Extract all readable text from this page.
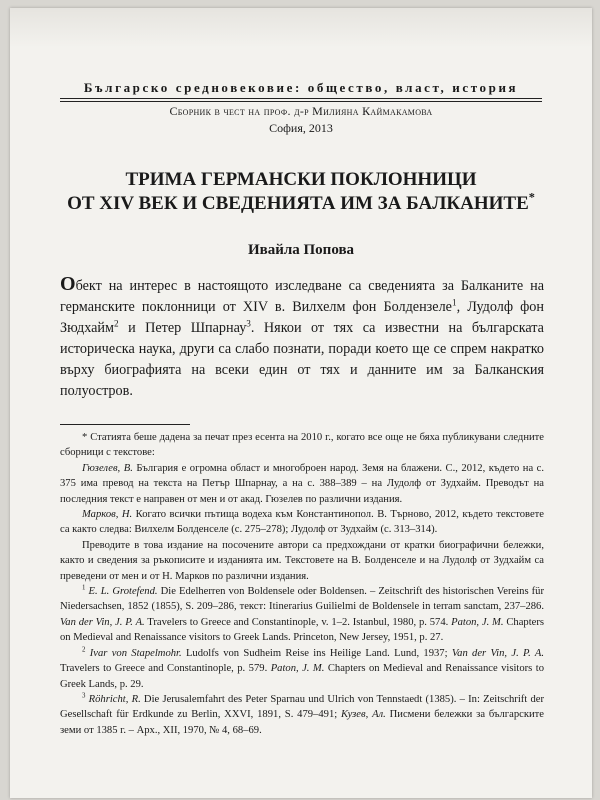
Българско средновековие: общество, власт, история
Сборник в чест на проф. д-р Милияна Каймакамова
София, 2013
ТРИМА ГЕРМАНСКИ ПОКЛОННИЦИ
ОТ XIV ВЕК И СВЕДЕНИЯТА ИМ ЗА БАЛКАНИТЕ*
Ивайла Попова
Обект на интерес в настоящото изследване са сведенията за Балканите на германските поклонници от XIV в. Вилхелм фон Болдензеле$^1$, Лудолф фон Зюдхайм$^2$ и Петер Шпарнау$^3$. Някои от тях са известни на българската историческа наука, други са слабо познати, поради което ще се спрем накратко върху биографията на всеки един от тях и данните им за Балканския полуостров.

* Статията беше дадена за печат през есента на 2010 г., когато все още не бяха публикувани следните сборници с текстове:

Гюзелев, В. България е огромна област и многоброен народ. Земя на блажени. С., 2012, където на с. 375 има превод на текста на Петър Шпарнау, а на с. 388–389 – на Лудолф от Зудхайм. Преводът на последния текст е направен от мен и от акад. Гюзелев по различни издания.

Марков, Н. Когато всички пътища водеха към Константинопол. В. Търново, 2012, където текстовете са както следва: Вилхелм Болденселе (с. 275–278); Лудолф от Зудхайм (с. 313–314).

Преводите в това издание на посочените автори са предхождани от кратки биографични бележки, както и сведения за ръкописите и изданията им. Текстовете на В. Болденселе и на Лудолф от Зудхайм са преведени от мен и от Н. Марков по различни издания.

$^1$ E. L. Grotefend. Die Edelherren von Boldensele oder Boldensen. – Zeitschrift des historischen Vereins für Niedersachsen, 1852 (1855), S. 209–286, текст: Itinerarius Guilielmi de Boldensele in terram sanctam, 237–286. Van der Vin, J. P. A. Travelers to Greece and Constantinople, v. 1–2. Istanbul, 1980, p. 574. Paton, J. M. Chapters on Medieval and Renaissance visitors to Greek Lands. Princeton, New Jersey, 1951, p. 27.

$^2$ Ivar von Stapelmohr. Ludolfs von Sudheim Reise ins Heilige Land. Lund, 1937; Van der Vin, J. P. A. Travelers to Greece and Constantinople, p. 579. Paton, J. M. Chapters on Medieval and Renaissance visitors to Greek Lands, p. 29.

$^3$ Röhricht, R. Die Jerusalemfahrt des Peter Sparnau und Ulrich von Tennstaedt (1385). – In: Zeitschrift der Gesellschaft für Erdkunde zu Berlin, XXVI, 1891, S. 479–491; Кузев, Ал. Писмени бележки за българските земи от 1385 г. – Арх., XII, 1970, № 4, 68–69.
